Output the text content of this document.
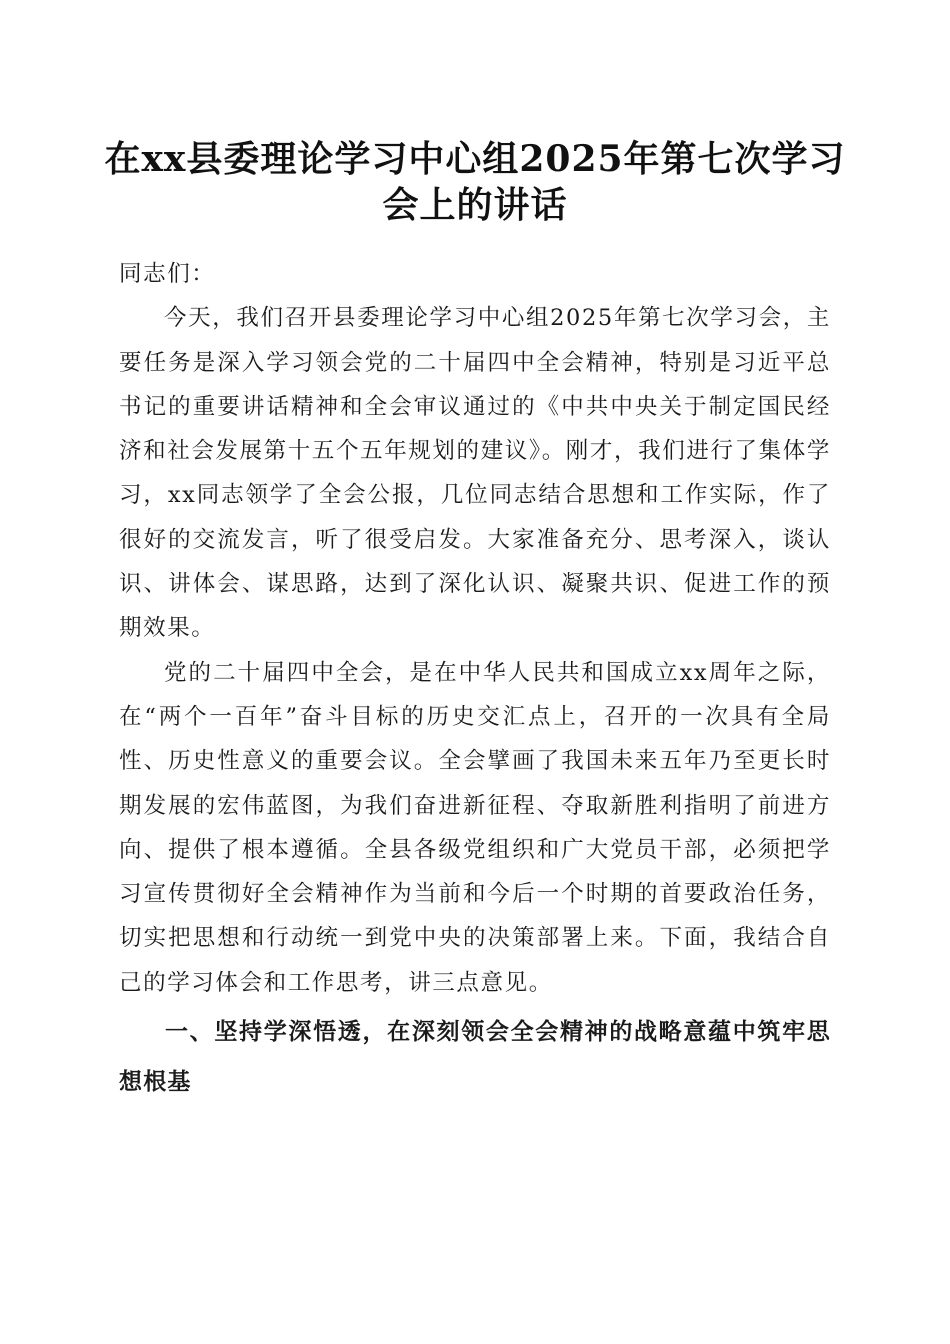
在xx县委理论学习中心组2025年第七次学习会上的讲话

同志们：

今天，我们召开县委理论学习中心组2025年第七次学习会，主要任务是深入学习领会党的二十届四中全会精神，特别是习近平总书记的重要讲话精神和全会审议通过的《中共中央关于制定国民经济和社会发展第十五个五年规划的建议》。刚才，我们进行了集体学习，xx同志领学了全会公报，几位同志结合思想和工作实际，作了很好的交流发言，听了很受启发。大家准备充分、思考深入，谈认识、讲体会、谋思路，达到了深化认识、凝聚共识、促进工作的预期效果。

党的二十届四中全会，是在中华人民共和国成立xx周年之际，在“两个一百年”奋斗目标的历史交汇点上，召开的一次具有全局性、历史性意义的重要会议。全会擘画了我国未来五年乃至更长时期发展的宏伟蓝图，为我们奋进新征程、夺取新胜利指明了前进方向、提供了根本遵循。全县各级党组织和广大党员干部，必须把学习宣传贯彻好全会精神作为当前和今后一个时期的首要政治任务，切实把思想和行动统一到党中央的决策部署上来。下面，我结合自己的学习体会和工作思考，讲三点意见。

一、坚持学深悟透，在深刻领会全会精神的战略意蕴中筑牢思想根基
